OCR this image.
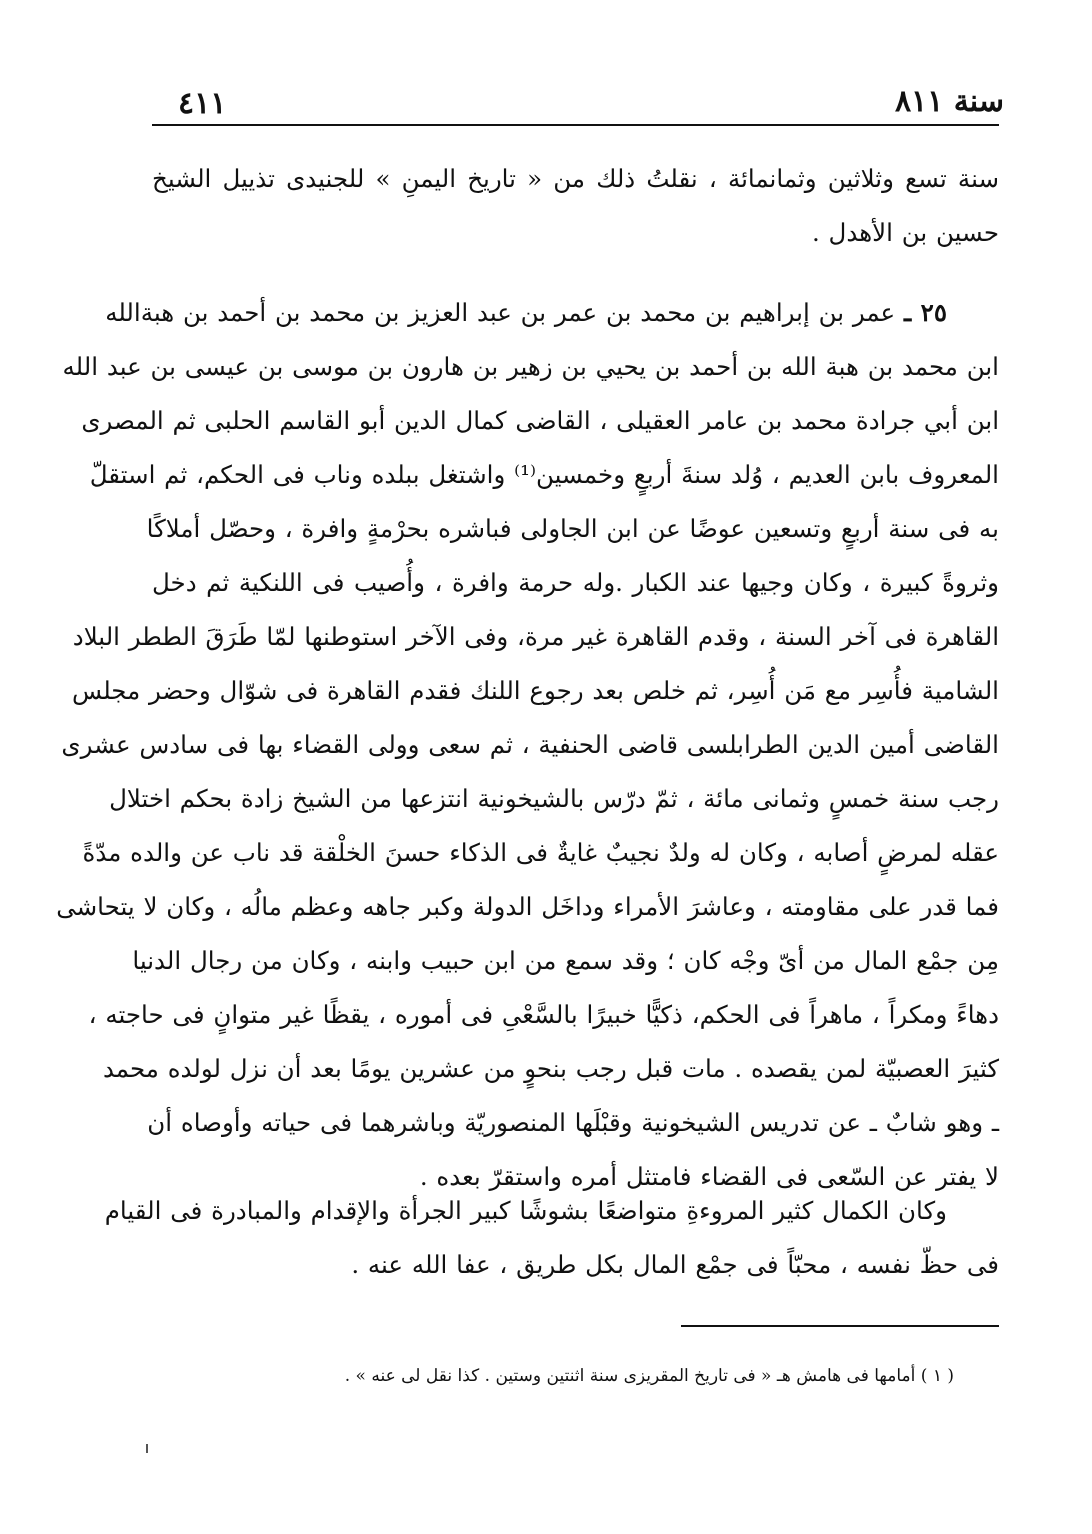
٤١١	سنة ٨١١
سنة تسع وثلاثين وثمانمائة ، نقلتُ ذلك من « تاريخ اليمنِ » للجنيدى تذييل الشيخ
حسين بن الأهدل .
٢٥ ـ عمر بن إبراهيم بن محمد بن عمر بن عبد العزيز بن محمد بن أحمد بن هبةالله
ابن محمد بن هبة الله بن أحمد بن يحيي بن زهير بن هارون بن موسى بن عيسى بن عبد الله
ابن أبي جرادة محمد بن عامر العقيلى ، القاضى كمال الدين أبو القاسم الحلبى ثم المصرى
المعروف بابن العديم ، وُلد سنةَ أربعٍ وخمسين⁽¹⁾ واشتغل ببلده وناب فى الحكم، ثم استقلّ
به فى سنة أربعٍ وتسعين عوضًا عن ابن الجاولى فباشره بحرْمةٍ وافرة ، وحصّل أملاكًا
وثروةً كبيرة ، وكان وجيها عند الكبار .وله حرمة وافرة ، وأُصيب فى اللنكية ثم دخل
القاهرة فى آخر السنة ، وقدم القاهرة غير مرة، وفى الآخر استوطنها لمّا طَرَقَ الططر البلاد
الشامية فأُسِر مع مَن أُسِر، ثم خلص بعد رجوع اللنك فقدم القاهرة فى شوّال وحضر مجلس
القاضى أمين الدين الطرابلسى قاضى الحنفية ، ثم سعى وولى القضاء بها فى سادس عشرى
رجب سنة خمسٍ وثمانى مائة ، ثمّ درّس بالشيخونية انتزعها من الشيخ زادة بحكم اختلال
عقله لمرضٍ أصابه ، وكان له ولدٌ نجيبٌ غايةٌ فى الذكاء حسنَ الخلْقة قد ناب عن والده مدّةً
فما قدر على مقاومته ، وعاشرَ الأمراء وداخَل الدولة وكبر جاهه وعظم مالُه ، وكان لا يتحاشى
مِن جمْع المال من أىّ وجْه كان ؛ وقد سمع من ابن حبيب وابنه ، وكان من رجال الدنيا
دهاءً ومكراً ، ماهراً فى الحكم، ذكيًّا خبيرًا بالسَّعْىِ فى أموره ، يقظًا غير متوانٍ فى حاجته ،
كثيرَ العصبيّة لمن يقصده . مات قبل رجب بنحوٍ من عشرين يومًا بعد أن نزل لولده محمد
ـ وهو شابٌ ـ عن تدريس الشيخونية وقبْلَها المنصوريّة وباشرهما فى حياته وأوصاه أن
لا يفتر عن السّعى فى القضاء فامتثل أمره واستقرّ بعده .
وكان الكمال كثير المروءةِ متواضعًا بشوشًا كبير الجرأة والإقدام والمبادرة فى القيام
فى حظّ نفسه ، محبّاً فى جمْع المال بكل طريق ، عفا الله عنه .
( ١ ) أمامها فى هامش هـ « فى تاريخ المقريزى سنة اثنتين وستين . كذا نقل لى عنه » .
